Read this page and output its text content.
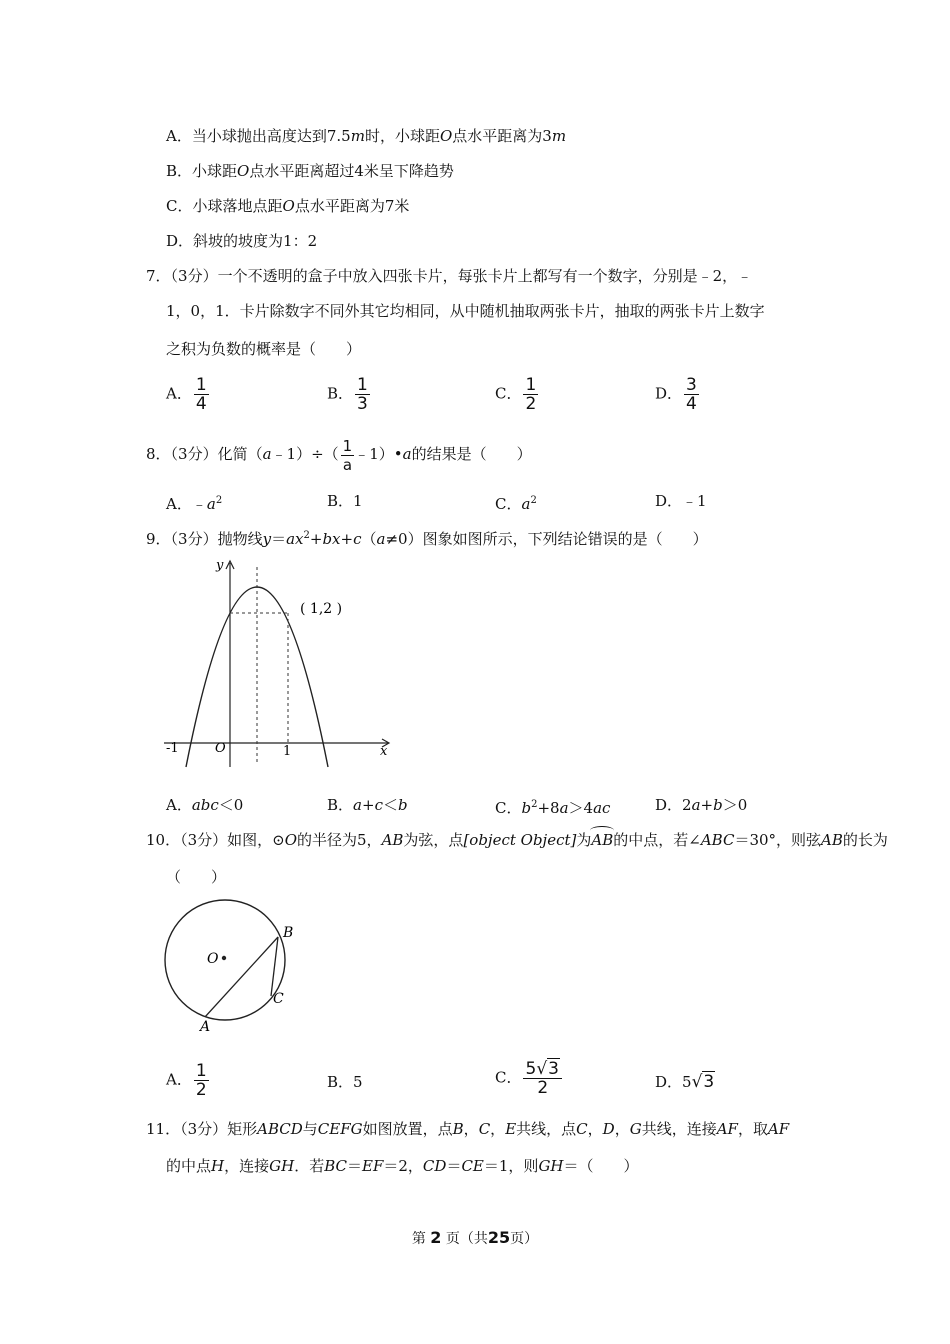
A．当小球抛出高度达到7.5m时，小球距O点水平距离为3m
B．小球距O点水平距离超过4米呈下降趋势
C．小球落地点距O点水平距离为7米
D．斜坡的坡度为1：2
7．（3分）一个不透明的盒子中放入四张卡片，每张卡片上都写有一个数字，分别是﹣2，﹣
1，0，1．卡片除数字不同外其它均相同，从中随机抽取两张卡片，抽取的两张卡片上数字
之积为负数的概率是（　　）
A． $\frac{1}{4}$	B． $\frac{1}{3}$	C． $\frac{1}{2}$	D． $\frac{3}{4}$
8．（3分）化简（a﹣1）÷（ $\frac{1}{a}$ ﹣1）•a的结果是（　　）
A．$﹣a^2$	B．1	C．$a^2$	D．﹣1
9．（3分）抛物线$y=ax^2+bx+c(a\ne 0)$图象如图所示，下列结论错误的是（　　）
y
x
O
-1	1
( 1,2 )
A．abc＜0	B．a+c＜b	C．$b^2+8a>4ac$	D．2a+b＞0
10．（3分）如图，⊙O的半径为5，AB为弦，点[object Object]为AB的中点，若∠ABC＝30°，则弦AB的长为
（　　）
O
A
B
C
A． $\frac{1}{2}$	B．5	C． $\frac{5√3}{2}$	D．5√3
11．（3分）矩形ABCD与CEFG如图放置，点B，C，E共线，点C，D，G共线，连接AF，取AF
的中点H，连接GH．若BC＝EF＝2，CD＝CE＝1，则GH＝（　　）
第 2 页（共25页）
